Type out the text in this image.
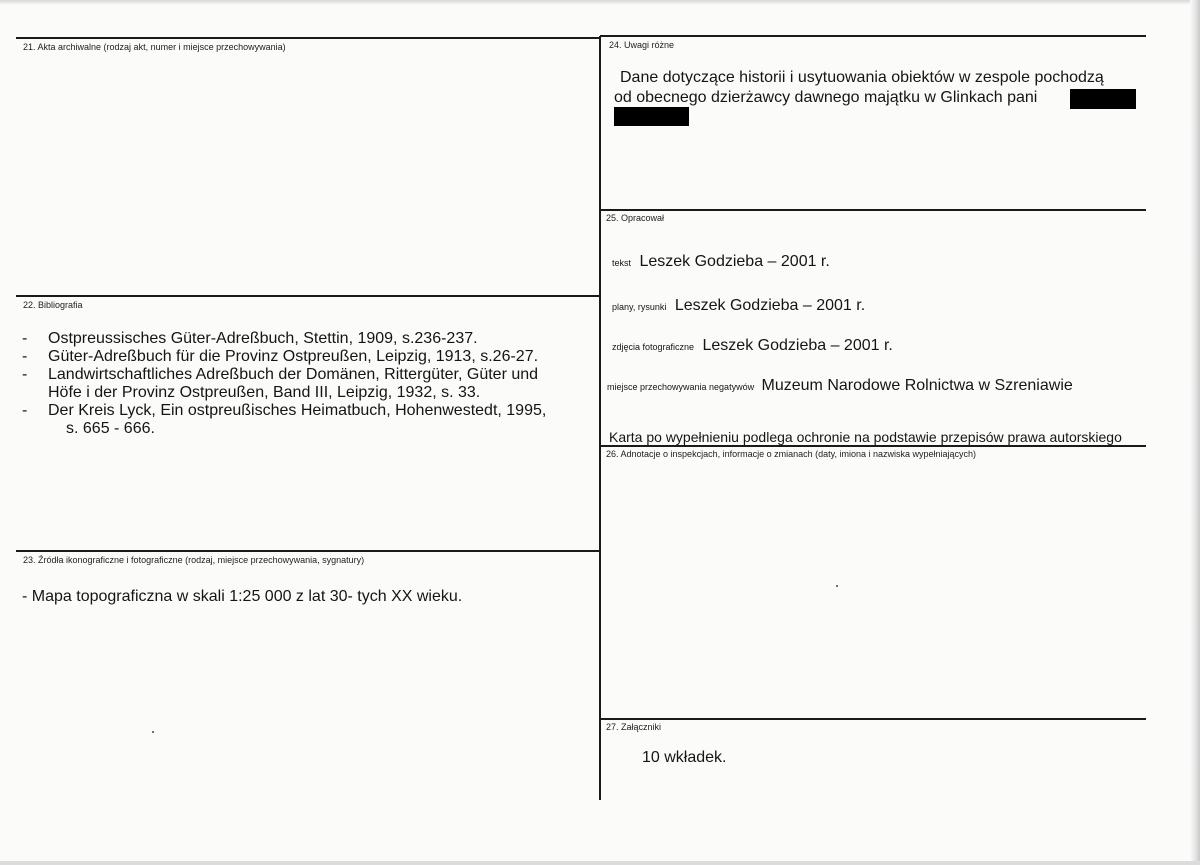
21. Akta archiwalne (rodzaj akt, numer i miejsce przechowywania)
22. Bibliografia
- Ostpreussisches Güter-Adreßbuch, Stettin, 1909, s.236-237.
- Güter-Adreßbuch für die Provinz Ostpreußen, Leipzig, 1913, s.26-27.
- Landwirtschaftliches Adreßbuch der Domänen, Rittergüter, Güter und
Höfe i der Provinz Ostpreußen, Band III, Leipzig, 1932, s. 33.
- Der Kreis Lyck, Ein ostpreußisches Heimatbuch, Hohenwestedt, 1995,
s. 665 - 666.
23. Źródła ikonograficzne i fotograficzne (rodzaj, miejsce przechowywania, sygnatury)
- Mapa topograficzna w skali 1:25 000 z lat 30- tych XX wieku.
24. Uwagi różne
Dane dotyczące historii i usytuowania obiektów w zespole pochodzą
od obecnego dzierżawcy dawnego majątku w Glinkach pani
25. Opracował
tekst Leszek Godzieba – 2001 r.
plany, rysunki Leszek Godzieba – 2001 r.
zdjęcia fotograficzne Leszek Godzieba – 2001 r.
miejsce przechowywania negatywów Muzeum Narodowe Rolnictwa w Szreniawie
Karta po wypełnieniu podlega ochronie na podstawie przepisów prawa autorskiego
26. Adnotacje o inspekcjach, informacje o zmianach (daty, imiona i nazwiska wypełniających)
27. Załączniki
10 wkładek.
